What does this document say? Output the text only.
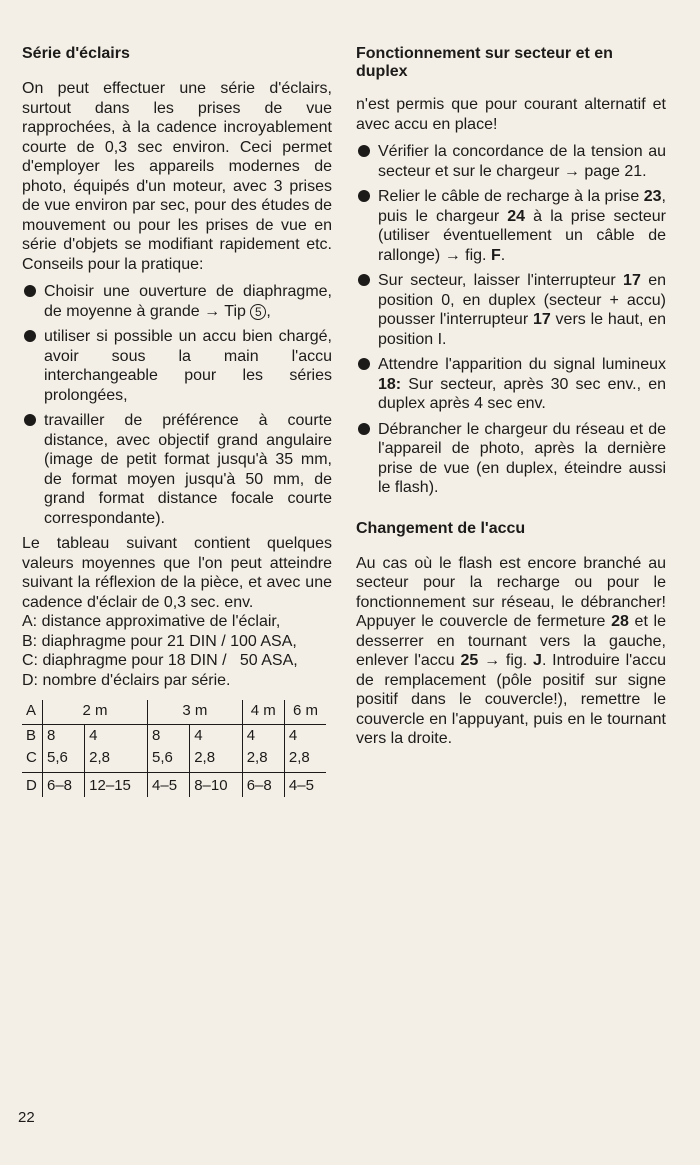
Série d'éclairs

On peut effectuer une série d'éclairs, surtout dans les prises de vue rapprochées, à la cadence incroyablement courte de 0,3 sec environ. Ceci permet d'employer les appareils modernes de photo, équipés d'un moteur, avec 3 prises de vue environ par sec, pour des études de mouvement ou pour les prises de vue en série d'objets se modifiant rapidement etc. Conseils pour la pratique:

Choisir une ouverture de diaphragme, de moyenne à grande → Tip 5 ,
utiliser si possible un accu bien chargé, avoir sous la main l'accu interchangeable pour les séries prolongées,
travailler de préférence à courte distance, avec objectif grand angulaire (image de petit format jusqu'à 35 mm, de format moyen jusqu'à 50 mm, de grand format distance focale courte correspondante).

Le tableau suivant contient quelques valeurs moyennes que l'on peut atteindre suivant la réflexion de la pièce, et avec une cadence d'éclair de 0,3 sec. env.

A: distance approximative de l'éclair,
B: diaphragme pour 21 DIN / 100 ASA,
C: diaphragme pour 18 DIN /   50 ASA,
D: nombre d'éclairs par série.
A	2 m		3 m		4 m	6 m
B	8	4	8	4	4	4
C	5,6	2,8	5,6	2,8	2,8	2,8
D	6–8	12–15	4–5	8–10	6–8	4–5
Fonctionnement sur secteur et en duplex

n'est permis que pour courant alternatif et avec accu en place!

Vérifier la concordance de la tension au secteur et sur le chargeur → page 21.
Relier le câble de recharge à la prise 23, puis le chargeur 24 à la prise secteur (utiliser éventuellement un câble de rallonge) → fig. F.
Sur secteur, laisser l'interrupteur 17 en position 0, en duplex (secteur + accu) pousser l'interrupteur 17 vers le haut, en position I.
Attendre l'apparition du signal lumineux 18: Sur secteur, après 30 sec env., en duplex après 4 sec env.
Débrancher le chargeur du réseau et de l'appareil de photo, après la dernière prise de vue (en duplex, éteindre aussi le flash).
Changement de l'accu

Au cas où le flash est encore branché au secteur pour la recharge ou pour le fonctionnement sur réseau, le débrancher! Appuyer le couvercle de fermeture 28 et le desserrer en tournant vers la gauche, enlever l'accu 25 → fig. J. Introduire l'accu de remplacement (pôle positif sur signe positif dans le couvercle!), remettre le couvercle en l'appuyant, puis en le tournant vers la droite.

22
